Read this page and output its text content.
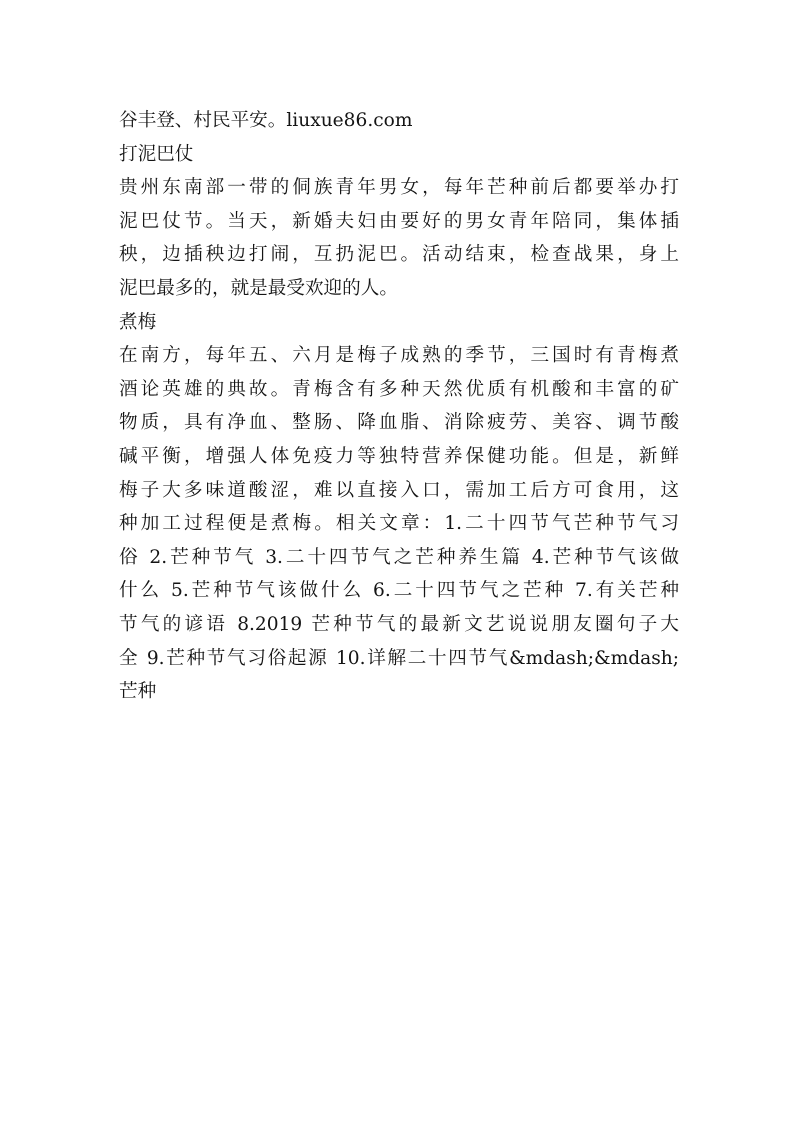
谷丰登、村民平安。liuxue86.com
打泥巴仗
贵州东南部一带的侗族青年男女，每年芒种前后都要举办打
泥巴仗节。当天，新婚夫妇由要好的男女青年陪同，集体插
秧，边插秧边打闹，互扔泥巴。活动结束，检查战果，身上
泥巴最多的，就是最受欢迎的人。
煮梅
在南方，每年五、六月是梅子成熟的季节，三国时有青梅煮
酒论英雄的典故。青梅含有多种天然优质有机酸和丰富的矿
物质，具有净血、整肠、降血脂、消除疲劳、美容、调节酸
碱平衡，增强人体免疫力等独特营养保健功能。但是，新鲜
梅子大多味道酸涩，难以直接入口，需加工后方可食用，这
种加工过程便是煮梅。相关文章：1.二十四节气芒种节气习
俗 2.芒种节气 3.二十四节气之芒种养生篇 4.芒种节气该做
什么 5.芒种节气该做什么 6.二十四节气之芒种 7.有关芒种
节气的谚语 8.2019 芒种节气的最新文艺说说朋友圈句子大
全 9.芒种节气习俗起源 10.详解二十四节气&mdash;&mdash;
芒种
